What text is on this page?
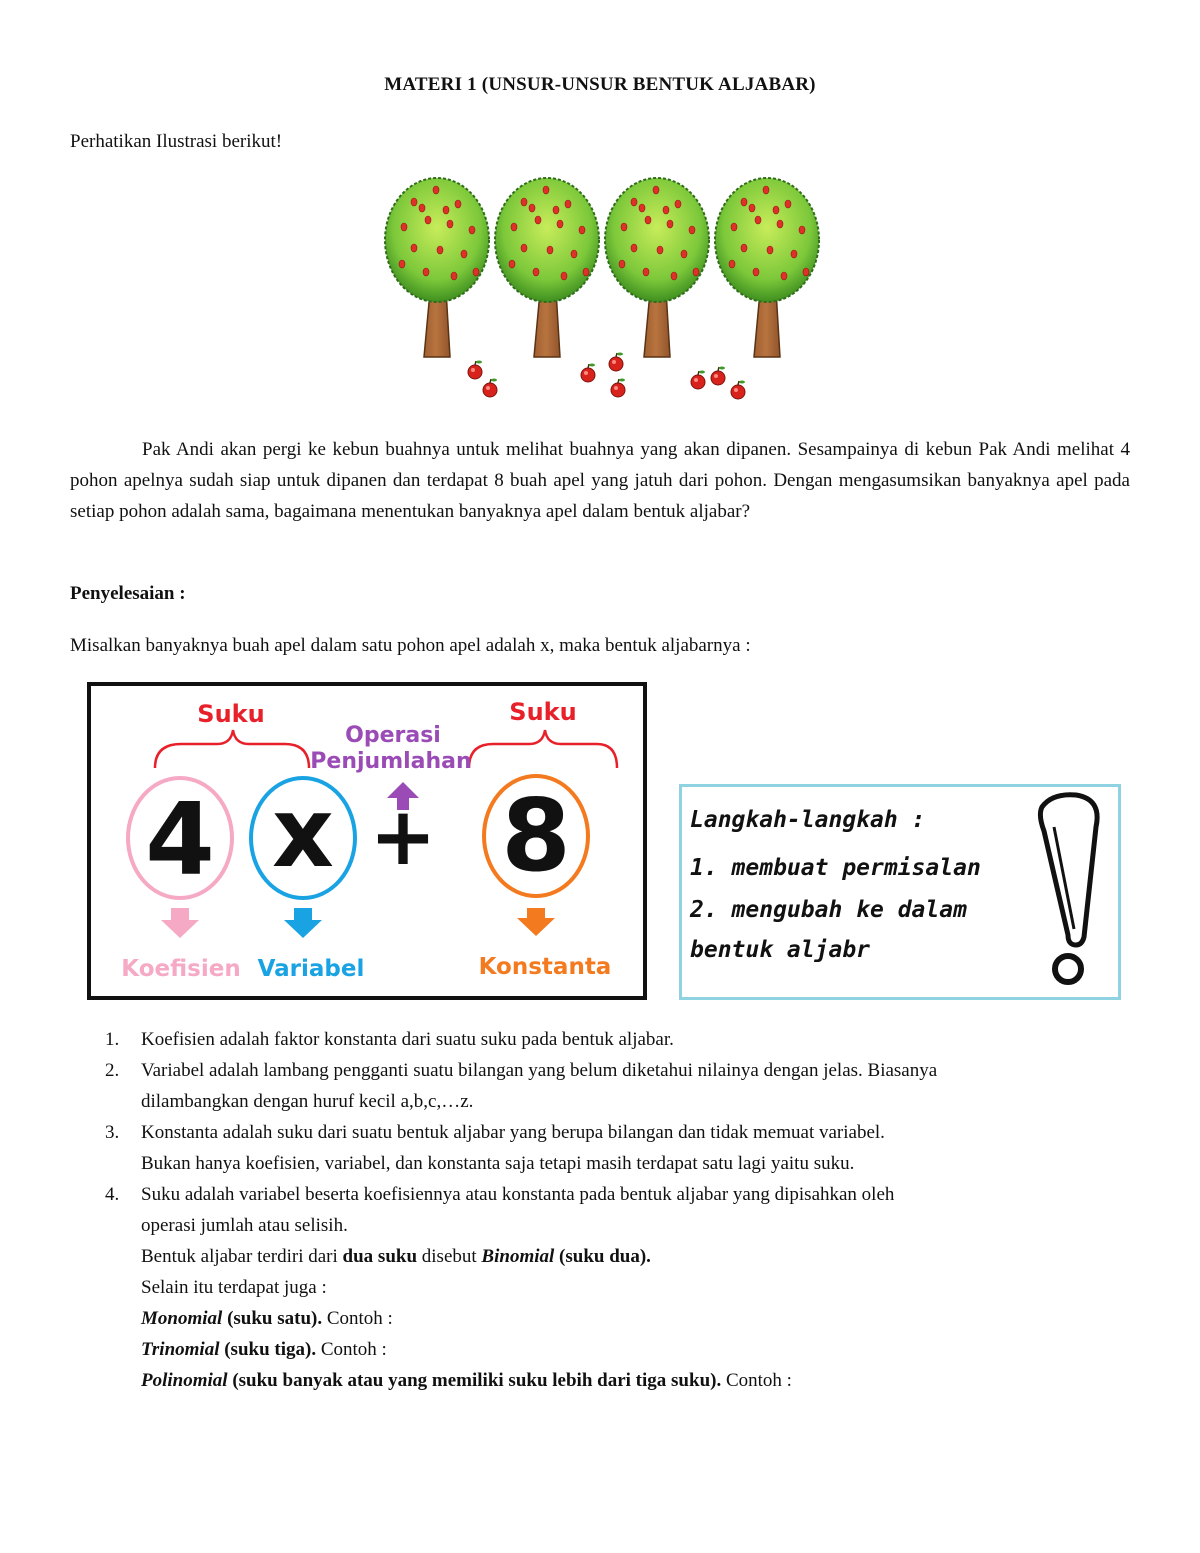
MATERI 1 (UNSUR-UNSUR BENTUK ALJABAR)
Perhatikan Ilustrasi berikut!
Pak Andi akan pergi ke kebun buahnya untuk melihat buahnya yang akan dipanen. Sesampainya di kebun Pak Andi melihat 4 pohon apelnya sudah siap untuk dipanen dan terdapat 8 buah apel yang jatuh dari pohon. Dengan mengasumsikan banyaknya apel pada setiap pohon adalah sama, bagaimana menentukan banyaknya apel dalam bentuk aljabar?
Penyelesaian :
Misalkan banyaknya buah apel dalam satu pohon apel adalah x, maka bentuk aljabarnya :
Suku	Suku
Operasi
Penjumlahan
4 x + 8
Koefisien Variabel	Konstanta
Langkah-langkah :
1. membuat permisalan
2. mengubah ke dalam
bentuk aljabr
1. Koefisien adalah faktor konstanta dari suatu suku pada bentuk aljabar.
2. Variabel adalah lambang pengganti suatu bilangan yang belum diketahui nilainya dengan jelas. Biasanya
dilambangkan dengan huruf kecil a,b,c,…z.
3. Konstanta adalah suku dari suatu bentuk aljabar yang berupa bilangan dan tidak memuat variabel.
Bukan hanya koefisien, variabel, dan konstanta saja tetapi masih terdapat satu lagi yaitu suku.
4. Suku adalah variabel beserta koefisiennya atau konstanta pada bentuk aljabar yang dipisahkan oleh
operasi jumlah atau selisih.
Bentuk aljabar terdiri dari dua suku disebut Binomial (suku dua).
Selain itu terdapat juga :
Monomial (suku satu). Contoh :
Trinomial (suku tiga). Contoh :
Polinomial (suku banyak atau yang memiliki suku lebih dari tiga suku). Contoh :
